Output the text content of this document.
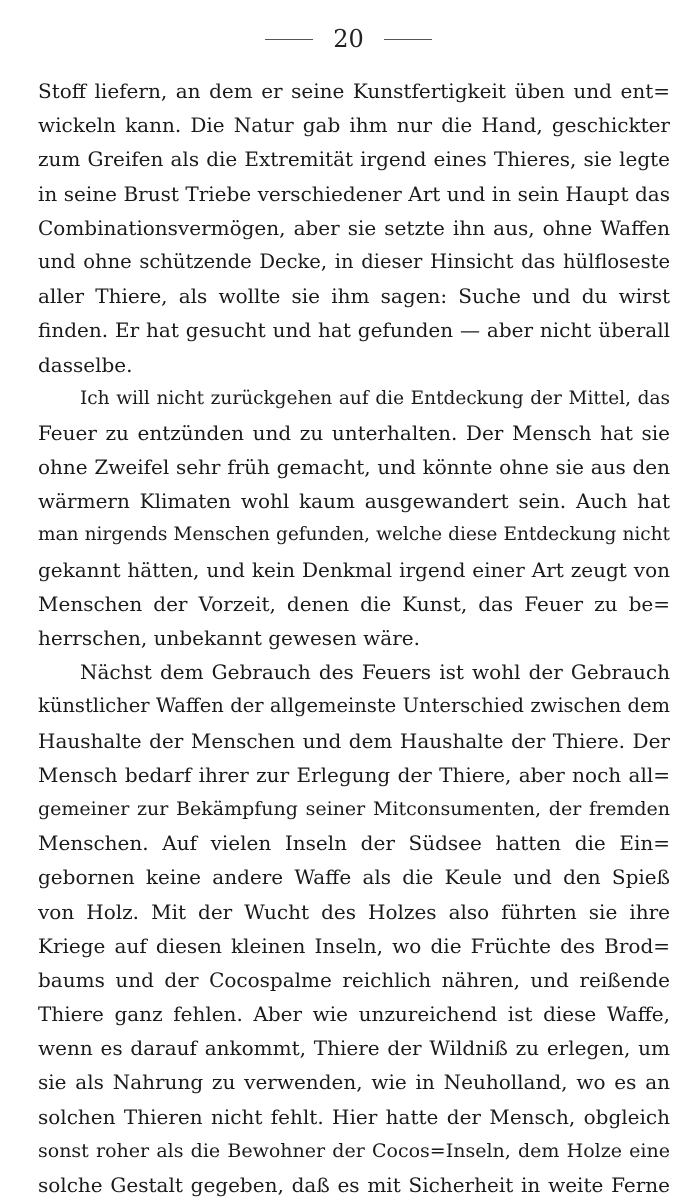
20
Stoff liefern, an dem er seine Kunstfertigkeit üben und ent=
wickeln kann. Die Natur gab ihm nur die Hand, geschickter
zum Greifen als die Extremität irgend eines Thieres, sie legte
in seine Brust Triebe verschiedener Art und in sein Haupt das
Combinationsvermögen, aber sie setzte ihn aus, ohne Waffen
und ohne schützende Decke, in dieser Hinsicht das hülfloseste
aller Thiere, als wollte sie ihm sagen: Suche und du wirst
finden. Er hat gesucht und hat gefunden — aber nicht überall
dasselbe.
Ich will nicht zurückgehen auf die Entdeckung der Mittel, das
Feuer zu entzünden und zu unterhalten. Der Mensch hat sie
ohne Zweifel sehr früh gemacht, und könnte ohne sie aus den
wärmern Klimaten wohl kaum ausgewandert sein. Auch hat
man nirgends Menschen gefunden, welche diese Entdeckung nicht
gekannt hätten, und kein Denkmal irgend einer Art zeugt von
Menschen der Vorzeit, denen die Kunst, das Feuer zu be=
herrschen, unbekannt gewesen wäre.
Nächst dem Gebrauch des Feuers ist wohl der Gebrauch
künstlicher Waffen der allgemeinste Unterschied zwischen dem
Haushalte der Menschen und dem Haushalte der Thiere. Der
Mensch bedarf ihrer zur Erlegung der Thiere, aber noch all=
gemeiner zur Bekämpfung seiner Mitconsumenten, der fremden
Menschen. Auf vielen Inseln der Südsee hatten die Ein=
gebornen keine andere Waffe als die Keule und den Spieß
von Holz. Mit der Wucht des Holzes also führten sie ihre
Kriege auf diesen kleinen Inseln, wo die Früchte des Brod=
baums und der Cocospalme reichlich nähren, und reißende
Thiere ganz fehlen. Aber wie unzureichend ist diese Waffe,
wenn es darauf ankommt, Thiere der Wildniß zu erlegen, um
sie als Nahrung zu verwenden, wie in Neuholland, wo es an
solchen Thieren nicht fehlt. Hier hatte der Mensch, obgleich
sonst roher als die Bewohner der Cocos=Inseln, dem Holze eine
solche Gestalt gegeben, daß es mit Sicherheit in weite Ferne
